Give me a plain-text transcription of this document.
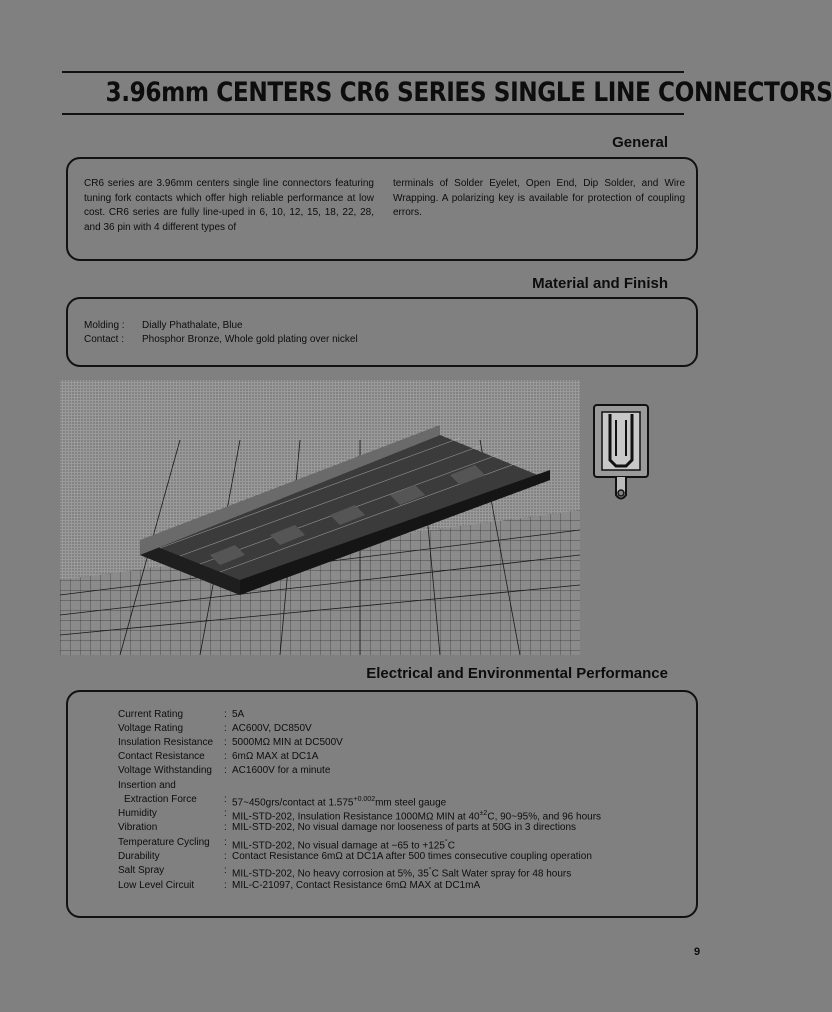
3.96mm CENTERS CR6 SERIES SINGLE LINE CONNECTORS
General
CR6 series are 3.96mm centers single line connectors featuring tuning fork contacts which offer high reliable performance at low cost. CR6 series are fully line-uped in 6, 10, 12, 15, 18, 22, 28, and 36 pin with 4 different types of
terminals of Solder Eyelet, Open End, Dip Solder, and Wire Wrapping. A polarizing key is available for protection of coupling errors.
Material and Finish
Molding :	Dially Phathalate, Blue
Contact :	Phosphor Bronze, Whole gold plating over nickel
Electrical and Environmental Performance
Current Rating	: 5A
Voltage Rating	: AC600V, DC850V
Insulation Resistance	: 5000MΩ MIN at DC500V
Contact Resistance	: 6mΩ MAX at DC1A
Voltage Withstanding	: AC1600V for a minute
Insertion and
Extraction Force	: 57~450grs/contact at $1.575^{+0.002}mm$ steel gauge
Humidity	: MIL-STD-202, Insulation Resistance 1000MΩ MIN at $40^{\pm 2}C$, 90~95%, and 96 hours
Vibration	: MIL-STD-202, No visual damage nor looseness of parts at 50G in 3 directions
Temperature Cycling	: MIL-STD-202, No visual damage at −65 to +125°C
Durability	: Contact Resistance 6mΩ at DC1A after 500 times consecutive coupling operation
Salt Spray	: MIL-STD-202, No heavy corrosion at 5%, 35°C Salt Water spray for 48 hours
Low Level Circuit	: MIL-C-21097, Contact Resistance 6mΩ MAX at DC1mA
9
